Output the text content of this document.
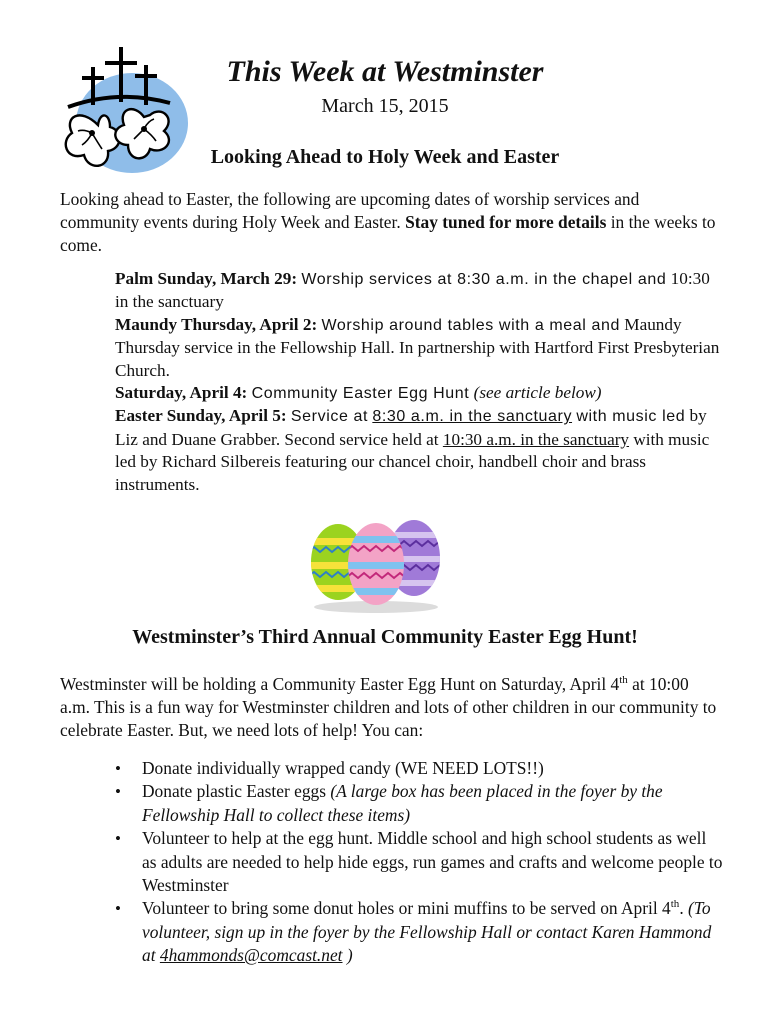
This Week at Westminster

March 15, 2015

Looking Ahead to Holy Week and Easter

Looking ahead to Easter, the following are upcoming dates of worship services and community events during Holy Week and Easter. Stay tuned for more details in the weeks to come.

Palm Sunday, March 29: Worship services at 8:30 a.m. in the chapel and 10:30 in the sanctuary
Maundy Thursday, April 2: Worship around tables with a meal and Maundy Thursday service in the Fellowship Hall. In partnership with Hartford First Presbyterian Church.
Saturday, April 4: Community Easter Egg Hunt (see article below)
Easter Sunday, April 5: Service at 8:30 a.m. in the sanctuary with music led by Liz and Duane Grabber. Second service held at 10:30 a.m. in the sanctuary with music led by Richard Silbereis featuring our chancel choir, handbell choir and brass instruments.
Westminster’s Third Annual Community Easter Egg Hunt!

Westminster will be holding a Community Easter Egg Hunt on Saturday, April 4th at 10:00 a.m. This is a fun way for Westminster children and lots of other children in our community to celebrate Easter. But, we need lots of help! You can:

• Donate individually wrapped candy (WE NEED LOTS!!)
• Donate plastic Easter eggs (A large box has been placed in the foyer by the Fellowship Hall to collect these items)
• Volunteer to help at the egg hunt. Middle school and high school students as well as adults are needed to help hide eggs, run games and crafts and welcome people to Westminster
• Volunteer to bring some donut holes or mini muffins to be served on April 4th. (To volunteer, sign up in the foyer by the Fellowship Hall or contact Karen Hammond at 4hammonds@comcast.net )
